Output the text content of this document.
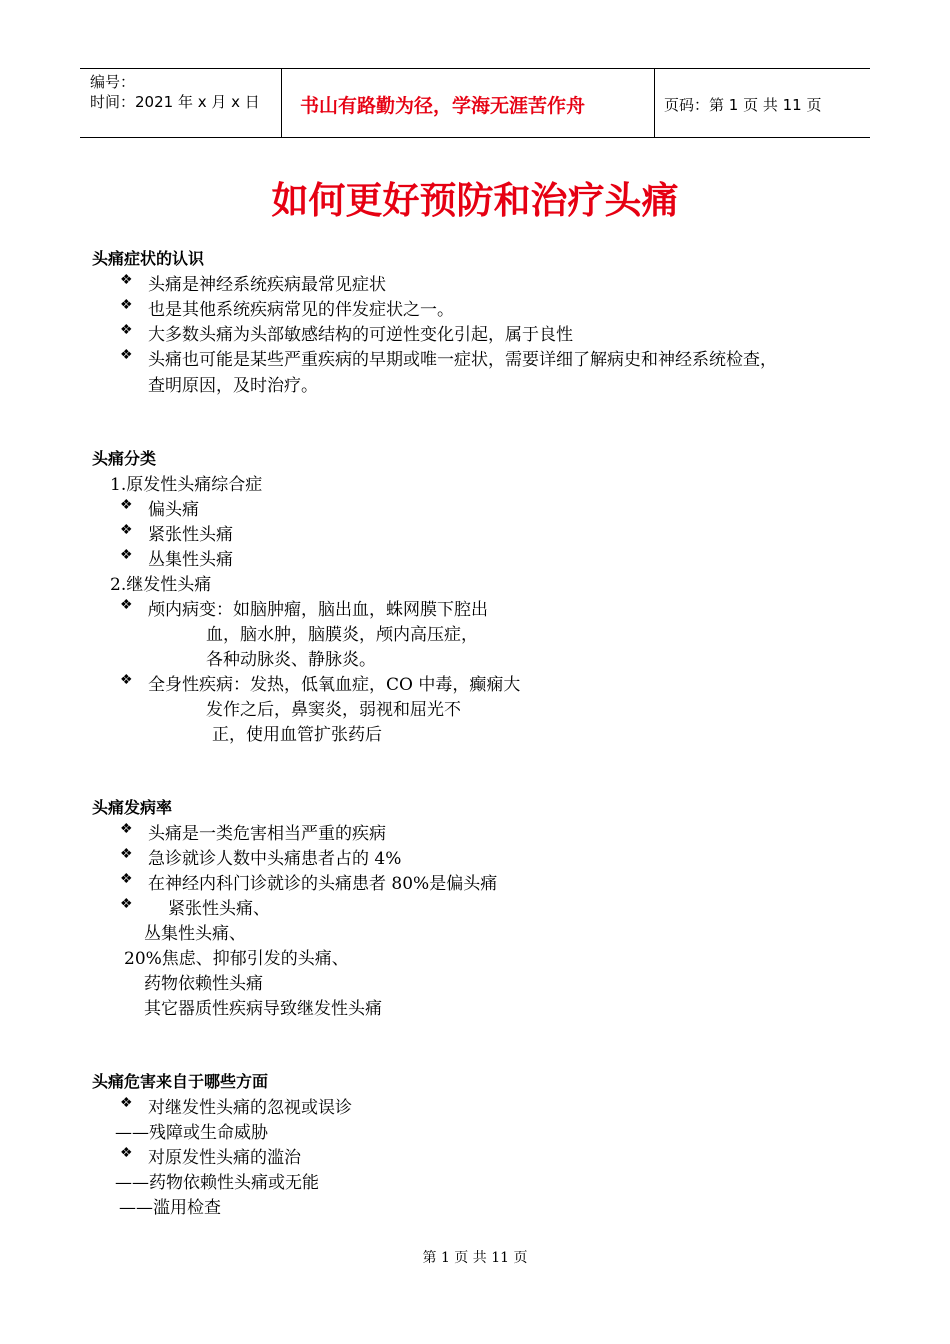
编号：
时间：2021 年 x 月 x 日 书山有路勤为径，学海无涯苦作舟	页码：第 1 页 共 11 页
如何更好预防和治疗头痛
头痛症状的认识
❖ 头痛是神经系统疾病最常见症状
❖ 也是其他系统疾病常见的伴发症状之一。
❖ 大多数头痛为头部敏感结构的可逆性变化引起，属于良性
❖ 头痛也可能是某些严重疾病的早期或唯一症状，需要详细了解病史和神经系统检查，
查明原因，及时治疗。
头痛分类
1.原发性头痛综合症
❖ 偏头痛
❖ 紧张性头痛
❖ 丛集性头痛
2.继发性头痛
❖ 颅内病变：如脑肿瘤，脑出血，蛛网膜下腔出
血，脑水肿，脑膜炎，颅内高压症，
各种动脉炎、静脉炎。
❖ 全身性疾病：发热，低氧血症，CO 中毒，癫痫大
发作之后，鼻窦炎，弱视和屈光不
正，使用血管扩张药后
头痛发病率
❖ 头痛是一类危害相当严重的疾病
❖ 急诊就诊人数中头痛患者占的 4%
❖ 在神经内科门诊就诊的头痛患者 80%是偏头痛
❖ 紧张性头痛、
丛集性头痛、
20%焦虑、抑郁引发的头痛、
药物依赖性头痛
其它器质性疾病导致继发性头痛
头痛危害来自于哪些方面
❖ 对继发性头痛的忽视或误诊
——残障或生命威胁
❖ 对原发性头痛的滥治
——药物依赖性头痛或无能
——滥用检查
第 1 页 共 11 页
